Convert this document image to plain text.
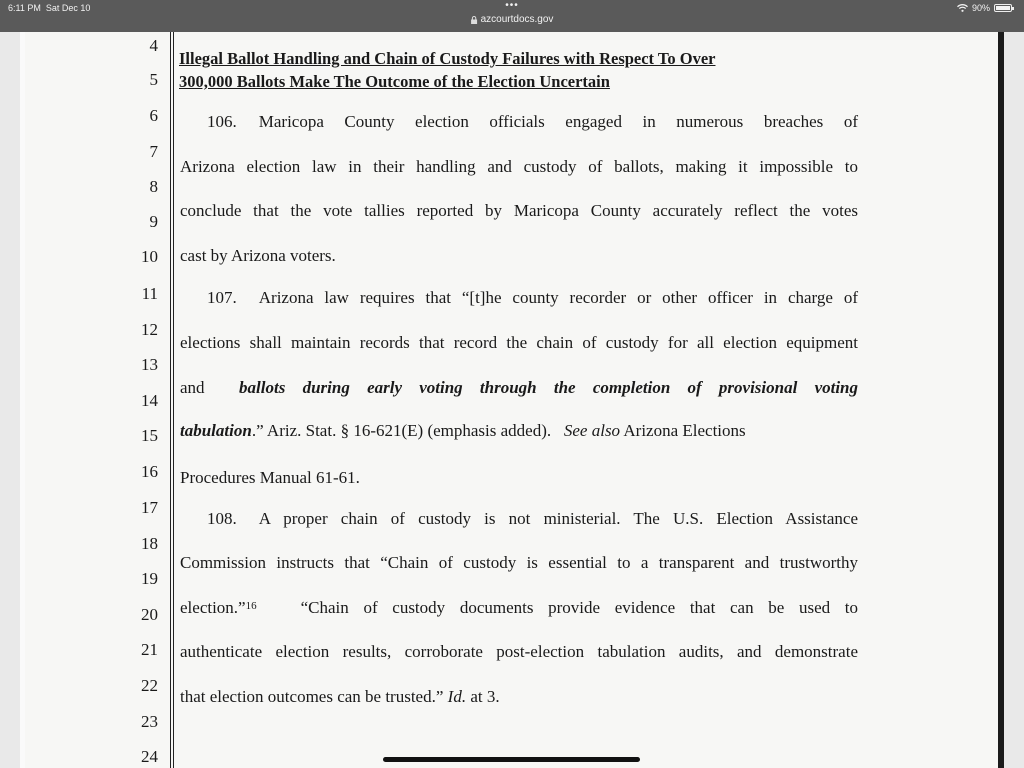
6:11 PM Sat Dec 10	•••
azcourtdocs.gov
90%
4
5
6
7
8
9
10
11
12
13
14
15
16
17
18
19
20
21
22
23
24
Illegal Ballot Handling and Chain of Custody Failures with Respect To Over
300,000 Ballots Make The Outcome of the Election Uncertain
106. Maricopa County election officials engaged in numerous breaches of
Arizona election law in their handling and custody of ballots, making it impossible to
conclude that the vote tallies reported by Maricopa County accurately reflect the votes
cast by Arizona voters.
107. Arizona law requires that “[t]he county recorder or other officer in charge of
elections shall maintain records that record the chain of custody for all election equipment
and ballots during early voting through the completion of provisional voting
tabulation.” Ariz. Stat. § 16-621(E) (emphasis added). See also Arizona Elections
Procedures Manual 61-61.
108. A proper chain of custody is not ministerial. The U.S. Election Assistance
Commission instructs that “Chain of custody is essential to a transparent and trustworthy
election.”$^{16}$	“Chain of custody documents provide evidence that can be used to
authenticate election results, corroborate post-election tabulation audits, and demonstrate
that election outcomes can be trusted.” Id. at 3.
